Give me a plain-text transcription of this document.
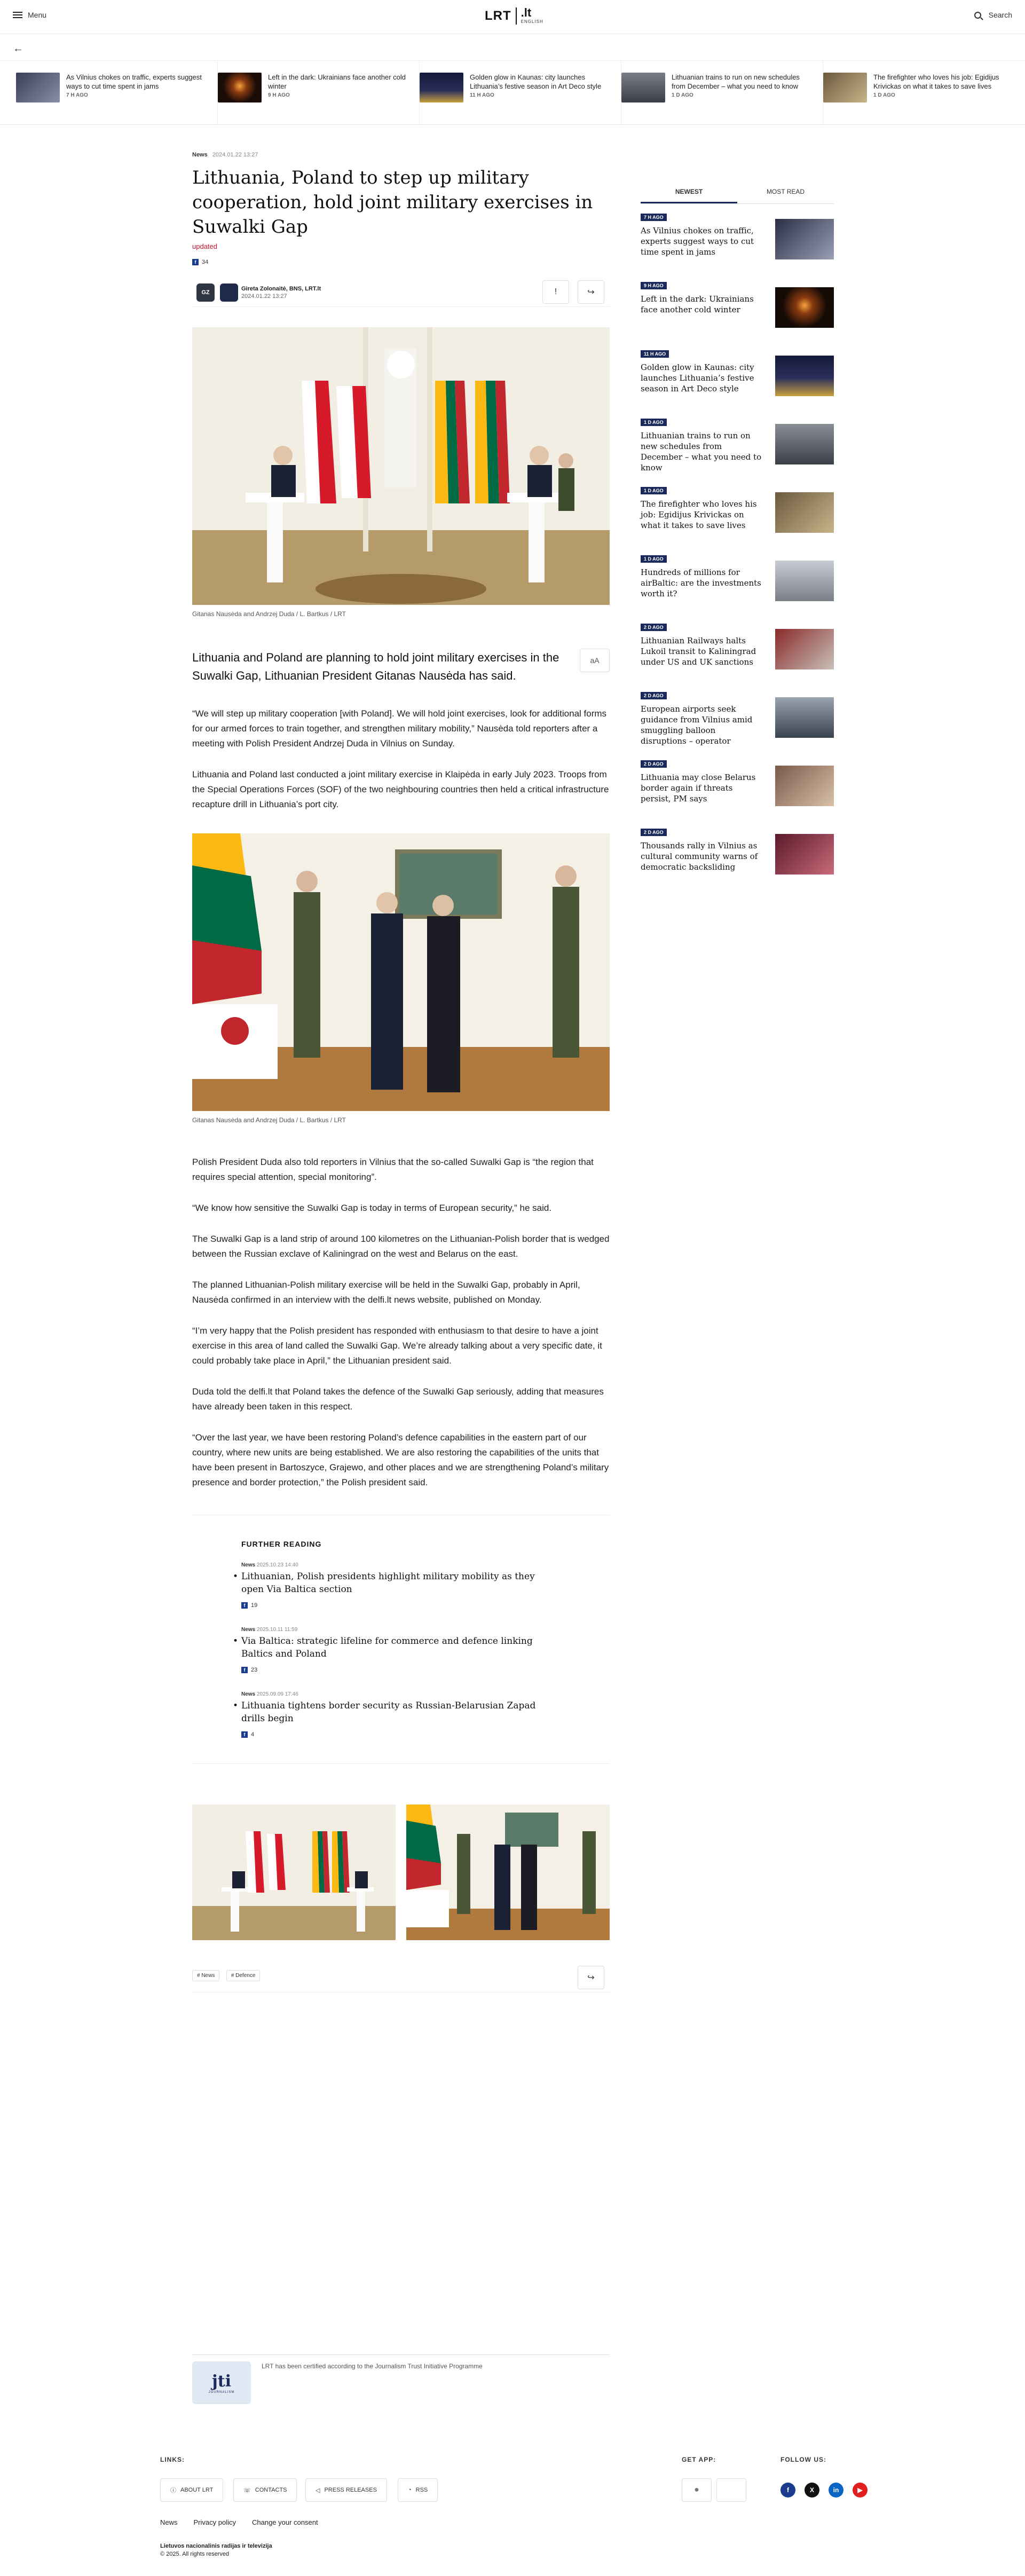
Menu	LRT .lt
ENGLISH
Search
←
As Vilnius chokes on traffic, experts suggest ways to cut time spent in jams
7 H AGO
Left in the dark: Ukrainians face another cold winter
9 H AGO
Golden glow in Kaunas: city launches Lithuania’s festive season in Art Deco style
11 H AGO
Lithuanian trains to run on new schedules from December – what you need to know
1 D AGO
The firefighter who loves his job: Egidijus Krivickas on what it takes to save lives
1 D AGO
News 2024.01.22 13:27
Lithuania, Poland to step up military cooperation, hold joint military exercises in Suwalki Gap
updated
f 34
GZ
Gireta Zolonaitė, BNS, LRT.lt
2024.01.22 13:27	!	↪
Gitanas Nausėda and Andrzej Duda / L. Bartkus / LRT
Lithuania and Poland are planning to hold joint military exercises in the Suwalki Gap, Lithuanian President Gitanas Nausėda has said.
aA

“We will step up military cooperation [with Poland]. We will hold joint exercises, look for additional forms for our armed forces to train together, and strengthen military mobility,” Nausėda told reporters after a meeting with Polish President Andrzej Duda in Vilnius on Sunday.

Lithuania and Poland last conducted a joint military exercise in Klaipėda in early July 2023. Troops from the Special Operations Forces (SOF) of the two neighbouring countries then held a critical infrastructure recapture drill in Lithuania’s port city.

Gitanas Nausėda and Andrzej Duda / L. Bartkus / LRT

Polish President Duda also told reporters in Vilnius that the so-called Suwalki Gap is “the region that requires special attention, special monitoring”.

“We know how sensitive the Suwalki Gap is today in terms of European security,” he said.

The Suwalki Gap is a land strip of around 100 kilometres on the Lithuanian-Polish border that is wedged between the Russian exclave of Kaliningrad on the west and Belarus on the east.

The planned Lithuanian-Polish military exercise will be held in the Suwalki Gap, probably in April, Nausėda confirmed in an interview with the delfi.lt news website, published on Monday.

“I’m very happy that the Polish president has responded with enthusiasm to that desire to have a joint exercise in this area of land called the Suwalki Gap. We’re already talking about a very specific date, it could probably take place in April,” the Lithuanian president said.

Duda told the delfi.lt that Poland takes the defence of the Suwalki Gap seriously, adding that measures have already been taken in this respect.

“Over the last year, we have been restoring Poland’s defence capabilities in the eastern part of our country, where new units are being established. We are also restoring the capabilities of the units that have been present in Bartoszyce, Grajewo, and other places and we are strengthening Poland’s military presence and border protection,” the Polish president said.

FURTHER READING
News 2025.10.23 14:40
• Lithuanian, Polish presidents highlight military mobility as they open Via Baltica section
f 19
News 2025.10.11 11:59
• Via Baltica: strategic lifeline for commerce and defence linking Baltics and Poland
f 23
News 2025.09.09 17:46
• Lithuania tightens border security as Russian-Belarusian Zapad drills begin
f 4
# News	# Defence	↪
NEWEST	MOST READ
7 H AGO
As Vilnius chokes on traffic, experts suggest ways to cut time spent in jams
9 H AGO
Left in the dark: Ukrainians face another cold winter
11 H AGO
Golden glow in Kaunas: city launches Lithuania’s festive season in Art Deco style
1 D AGO
Lithuanian trains to run on new schedules from December – what you need to know
1 D AGO
The firefighter who loves his job: Egidijus Krivickas on what it takes to save lives
1 D AGO
Hundreds of millions for airBaltic: are the investments worth it?
2 D AGO
Lithuanian Railways halts Lukoil transit to Kaliningrad under US and UK sanctions
2 D AGO
European airports seek guidance from Vilnius amid smuggling balloon disruptions – operator
2 D AGO
Lithuania may close Belarus border again if threats persist, PM says
2 D AGO
Thousands rally in Vilnius as cultural community warns of democratic backsliding
jti
JOURNALISM
LRT has been certified according to the Journalism Trust Initiative Programme
LINKS:
ⓘ ABOUT LRT	☏ CONTACTS	◁ PRESS RELEASES	◔ RSS
GET APP:
●
FOLLOW US:
f	X	in	▶
News Privacy policy Change your consent
Lietuvos nacionalinis radijas ir televizija
© 2025. All rights reserved
